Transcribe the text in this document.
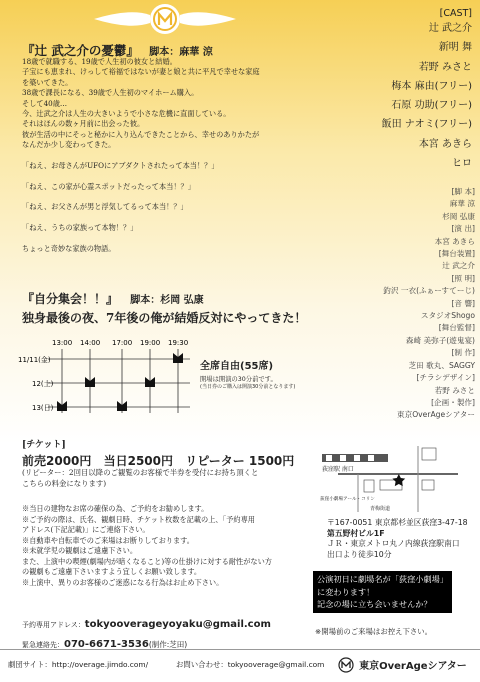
『辻 武之介の憂鬱』 脚本：麻華 涼
18歳で就職する、19歳で人生初の彼女と結婚。
子宝にも恵まれ、けっして裕福ではないが妻と娘と共に平凡で幸せな家庭
を築いてきた。
38歳で課長になる、39歳で人生初のマイホーム購入。
そして40歳…
今、辻武之介は人生の大きいようで小さな危機に直面している。
それはほんの数ヶ月前に出会った彼。
彼が生活の中にそっと秘かに入り込んできたことから、幸せのありかたが
なんだか少し変わってきた。
「ねえ、お母さんがUFOにアブダクトされたって本当！？」
「ねえ、この家が心霊スポットだったって本当！？」
「ねえ、お父さんが男と浮気してるって本当！？」
「ねえ、うちの家族って本物！？」
ちょっと奇妙な家族の物語。
『自分集会！！』 脚本：杉岡 弘康
独身最後の夜、7年後の俺が結婚反対にやってきた！
13:00 14:00 17:00 19:00 19:30
11/11(金)
12(土)
13(日)
全席自由(55席)
開場は開演の30分前です。
(当日券のご購入は開演30分前となります)
[チケット]
前売2000円 当日2500円 リピーター 1500円
(リピーター：2回目以降のご観覧のお客様で半券を受付にお持ち頂くと
こちらの料金になります)
※当日の建物なお席の確保の為、ご予約をお勧めします。
※ご予約の際は、氏名、観劇日時、チケット枚数を記載の上、「予約専用
アドレス(下記記載)」にご連絡下さい。
※自動車や自転車でのご来場はお断りしております。
※未就学児の観劇はご遠慮下さい。
また、上演中の喫煙(劇場内が暗くなること)等の仕掛けに対する耐性がない方
の観劇もご遠慮下さいますよう宜しくお願い致します。
※上演中、異りのお客様のご迷惑になる行為はお止め下さい。
予約専用アドレス：tokyooverageyoyaku@gmail.com
緊急連絡先：070-6671-3536(制作:芝田)
[CAST]
辻 武之介
新明 舞
若野 みさと
梅本 麻由(フリー)
石原 功助(フリー)
飯田 ナオミ(フリー)
本宮 あきら
ヒロ
[脚 本]
麻華 涼
杉岡 弘康
[演 出]
本宮 あきら
[舞台装置]
辻 武之介
[照 明]
釣沢 一衣(ふぁーすてーじ)
[音 響]
スタジオShogo
[舞台監督]
森崎 美弥子(遊鬼宴)
[制 作]
芝田 歌丸、SAGGY
[チラシデザイン]
若野 みさと
[企画・製作]
東京OverAgeシアター
荻窪駅 南口
青梅街道
荻窪小劇場アール・コリン
〒167-0051 東京都杉並区荻窪3-47-18
第五野村ビル1F
ＪＲ・東京メトロ丸ノ内線荻窪駅南口
出口より徒歩10分
公演初日に劇場名が「荻窪小劇場」
に変わります！
記念の場に立ち会いませんか？
※開場前のご来場はお控え下さい。
劇団サイト：http://overage.jimdo.com/	お問い合わせ：tokyooverage@gmail.com	東京OverAgeシアター
